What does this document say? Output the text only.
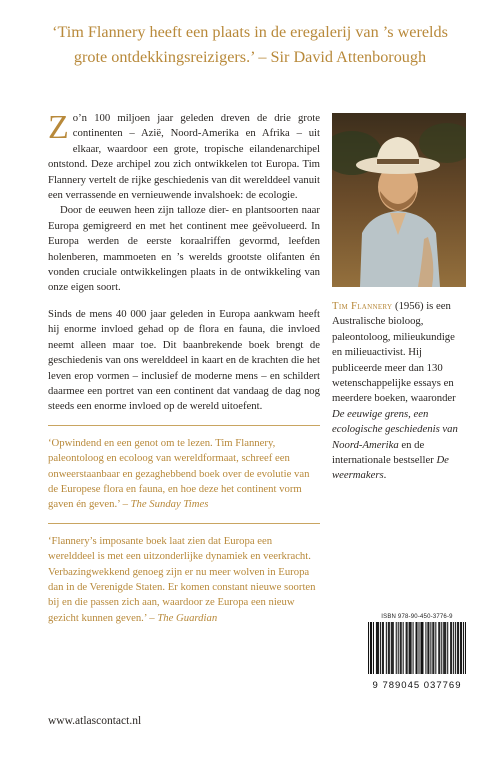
‘Tim Flannery heeft een plaats in de eregalerij van ’s werelds
grote ontdekkingsreizigers.’ – Sir David Attenborough

Zo’n 100 miljoen jaar geleden dreven de drie grote continenten – Azië, Noord-Amerika en Afrika – uit elkaar, waardoor een grote, tropische eilandenarchipel ontstond. Deze archipel zou zich ontwikkelen tot Europa. Tim Flannery vertelt de rijke geschiedenis van dit werelddeel vanuit een verrassende en vernieuwende invalshoek: de ecologie.

Door de eeuwen heen zijn talloze dier- en plantsoorten naar Europa gemigreerd en met het continent mee geëvolueerd. In Europa werden de eerste koraalriffen gevormd, leefden holenberen, mammoeten en ’s werelds grootste olifanten én vonden cruciale ontwikkelingen plaats in de ontwikkeling van onze eigen soort.

Sinds de mens 40 000 jaar geleden in Europa aankwam heeft hij enorme invloed gehad op de flora en fauna, die invloed neemt alleen maar toe. Dit baanbrekende boek brengt de geschiedenis van ons werelddeel in kaart en de krachten die het leven erop vormen – inclusief de moderne mens – en schildert daarmee een portret van een continent dat vandaag de dag nog steeds een enorme invloed op de wereld uitoefent.

‘Opwindend en een genot om te lezen. Tim Flannery, paleontoloog en ecoloog van wereldformaat, schreef een onweerstaanbaar en gezaghebbend boek over de evolutie van de Europese flora en fauna, en hoe deze het continent vorm gaven én geven.’ – The Sunday Times

‘Flannery’s imposante boek laat zien dat Europa een werelddeel is met een uitzonderlijke dynamiek en veerkracht. Verbazingwekkend genoeg zijn er nu meer wolven in Europa dan in de Verenigde Staten. Er komen constant nieuwe soorten bij en die passen zich aan, waardoor ze Europa een nieuw gezicht kunnen geven.’ – The Guardian

Tim Flannery (1956) is een Australische bioloog, paleontoloog, milieukundige en milieuactivist. Hij publiceerde meer dan 130 wetenschappelijke essays en meerdere boeken, waaronder De eeuwige grens, een ecologische geschiedenis van Noord-Amerika en de internationale bestseller De weermakers.
ISBN 978-90-450-3776-9
9 789045 037769
www.atlascontact.nl
